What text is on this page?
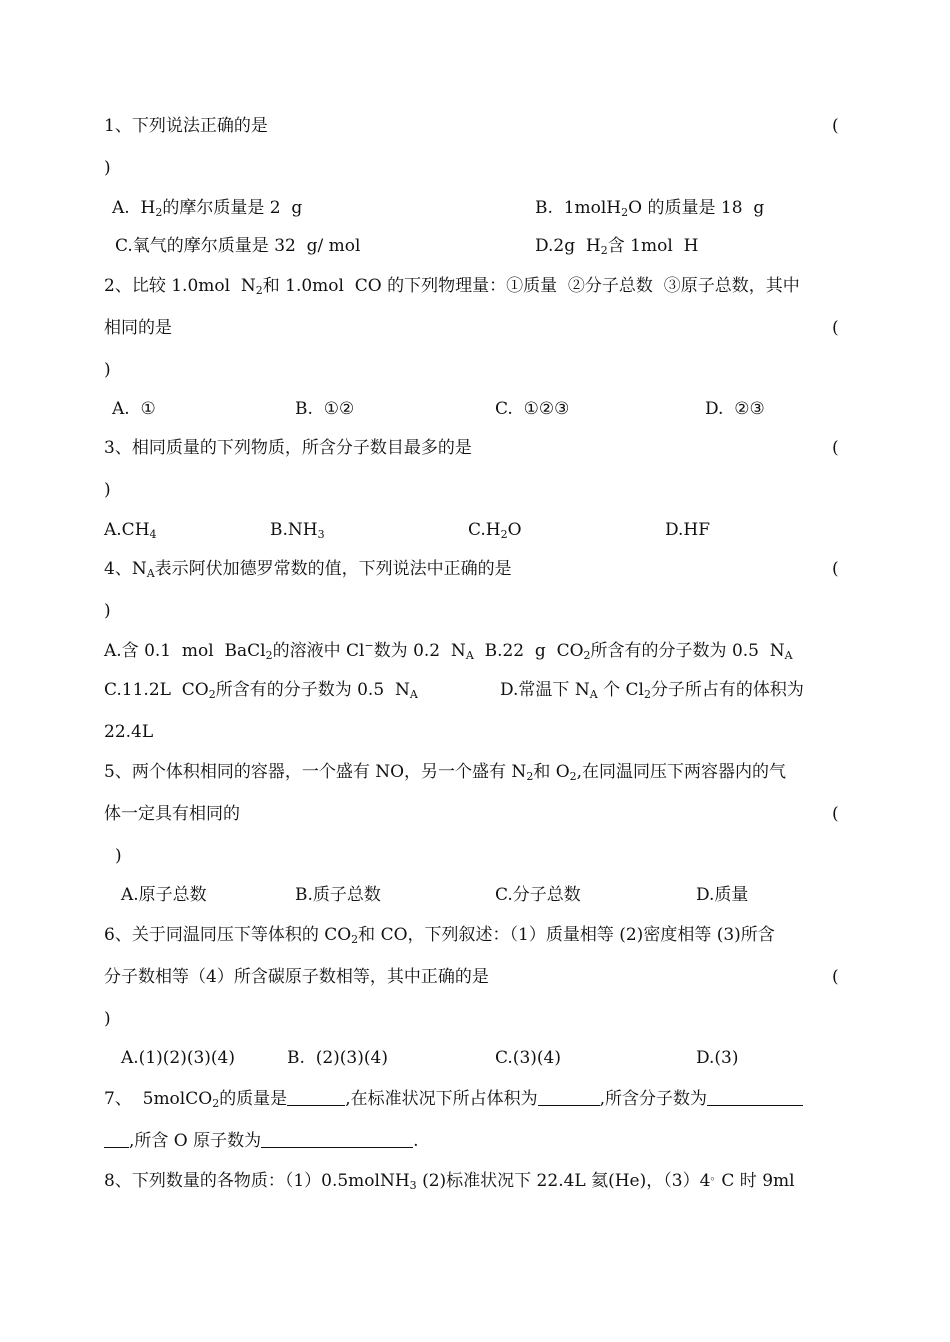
1、下列说法正确的是	(
)
A.  $H_2$的摩尔质量是 2  g	B.  1molH$_2$O 的质量是 18  g
C.氧气的摩尔质量是 32  g/ mol	D.2g  $H_2$含 1mol  H
2、比较 1.0mol  $N_2$和 1.0mol  CO 的下列物理量：①质量  ②分子总数  ③原子总数，其中
相同的是	(
)
A.  ①	B.  ①②	C.  ①②③	D.  ②③
3、相同质量的下列物质，所含分子数目最多的是	(
)
$A.CH_4$	$B.NH_3$	$C.H_2O$	D.HF
4、$N_A$表示阿伏加德罗常数的值，下列说法中正确的是	(
)
A.含 0.1  mol  BaCl$_2$的溶液中 Cl−数为 0.2  $N_A$  B.22  g  $CO_2$所含有的分子数为 0.5  $N_A$
C.11.2L  $CO_2$所含有的分子数为 0.5  $N_A$	D.常温下 $N_A$ 个 $Cl_2$分子所占有的体积为
22.4L
5、两个体积相同的容器，一个盛有 NO，另一个盛有 $N_2$和 $O_2$,在同温同压下两容器内的气
体一定具有相同的	(
)
A.原子总数	B.质子总数	C.分子总数	D.质量
6、关于同温同压下等体积的 $CO_2$和 CO，下列叙述：（1）质量相等 (2)密度相等 (3)所含
分子数相等（4）所含碳原子数相等，其中正确的是	(
)
A.(1)(2)(3)(4)	B.  (2)(3)(4)	C.(3)(4)	D.(3)
7、  5molCO$_2$的质量是	,在标准状况下所占体积为	,所含分子数为
,所含 O 原子数为	.
8、下列数量的各物质：（1）0.5molNH$_3$ (2)标准状况下 22.4L 氦(He)，（3）4。C 时 9ml
